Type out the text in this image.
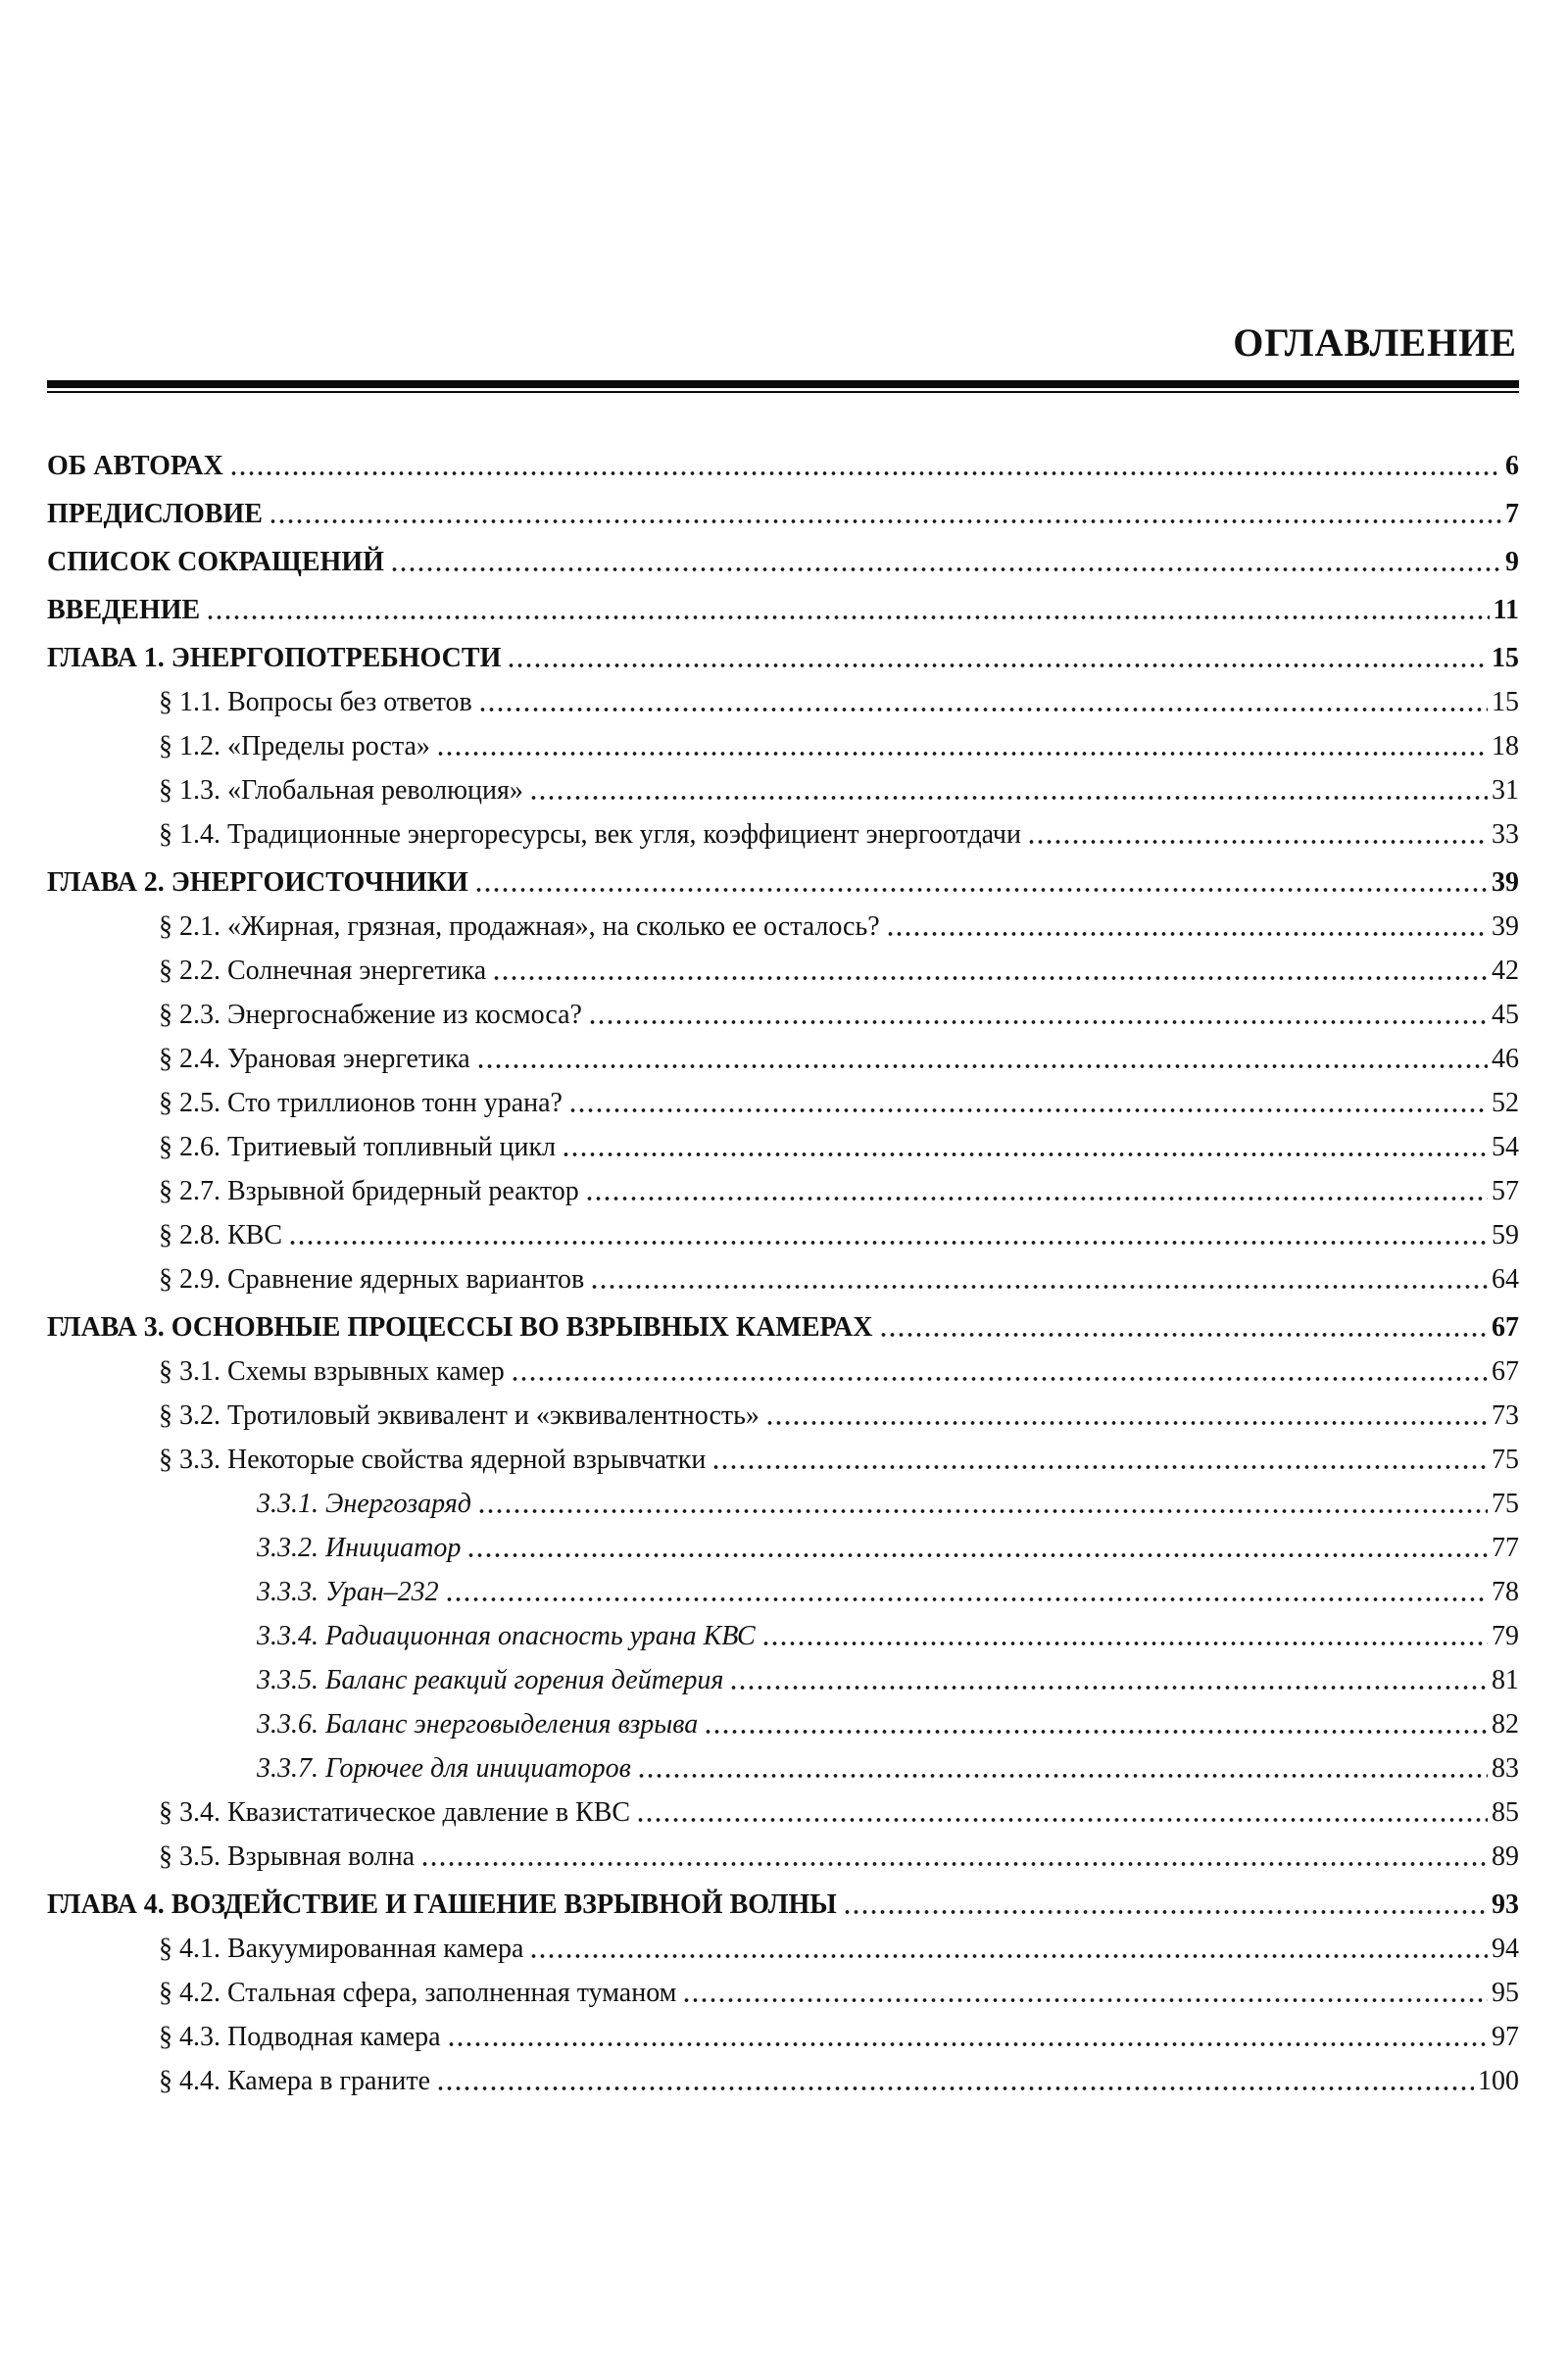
ОГЛАВЛЕНИЕ
ОБ АВТОРАХ	6
ПРЕДИСЛОВИЕ	7
СПИСОК СОКРАЩЕНИЙ	9
ВВЕДЕНИЕ	11
ГЛАВА 1. ЭНЕРГОПОТРЕБНОСТИ	15
§ 1.1. Вопросы без ответов	15
§ 1.2. «Пределы роста»	18
§ 1.3. «Глобальная революция»	31
§ 1.4. Традиционные энергоресурсы, век угля, коэффициент энергоотдачи	33
ГЛАВА 2. ЭНЕРГОИСТОЧНИКИ	39
§ 2.1. «Жирная, грязная, продажная», на сколько ее осталось?	39
§ 2.2. Солнечная энергетика	42
§ 2.3. Энергоснабжение из космоса?	45
§ 2.4. Урановая энергетика	46
§ 2.5. Сто триллионов тонн урана?	52
§ 2.6. Тритиевый топливный цикл	54
§ 2.7. Взрывной бридерный реактор	57
§ 2.8. КВС	59
§ 2.9. Сравнение ядерных вариантов	64
ГЛАВА 3. ОСНОВНЫЕ ПРОЦЕССЫ ВО ВЗРЫВНЫХ КАМЕРАХ	67
§ 3.1. Схемы взрывных камер	67
§ 3.2. Тротиловый эквивалент и «эквивалентность»	73
§ 3.3. Некоторые свойства ядерной взрывчатки	75
3.3.1. Энергозаряд	75
3.3.2. Инициатор	77
3.3.3. Уран–232	78
3.3.4. Радиационная опасность урана КВС	79
3.3.5. Баланс реакций горения дейтерия	81
3.3.6. Баланс энерговыделения взрыва	82
3.3.7. Горючее для инициаторов	83
§ 3.4. Квазистатическое давление в КВС	85
§ 3.5. Взрывная волна	89
ГЛАВА 4. ВОЗДЕЙСТВИЕ И ГАШЕНИЕ ВЗРЫВНОЙ ВОЛНЫ	93
§ 4.1. Вакуумированная камера	94
§ 4.2. Стальная сфера, заполненная туманом	95
§ 4.3. Подводная камера	97
§ 4.4. Камера в граните	100
